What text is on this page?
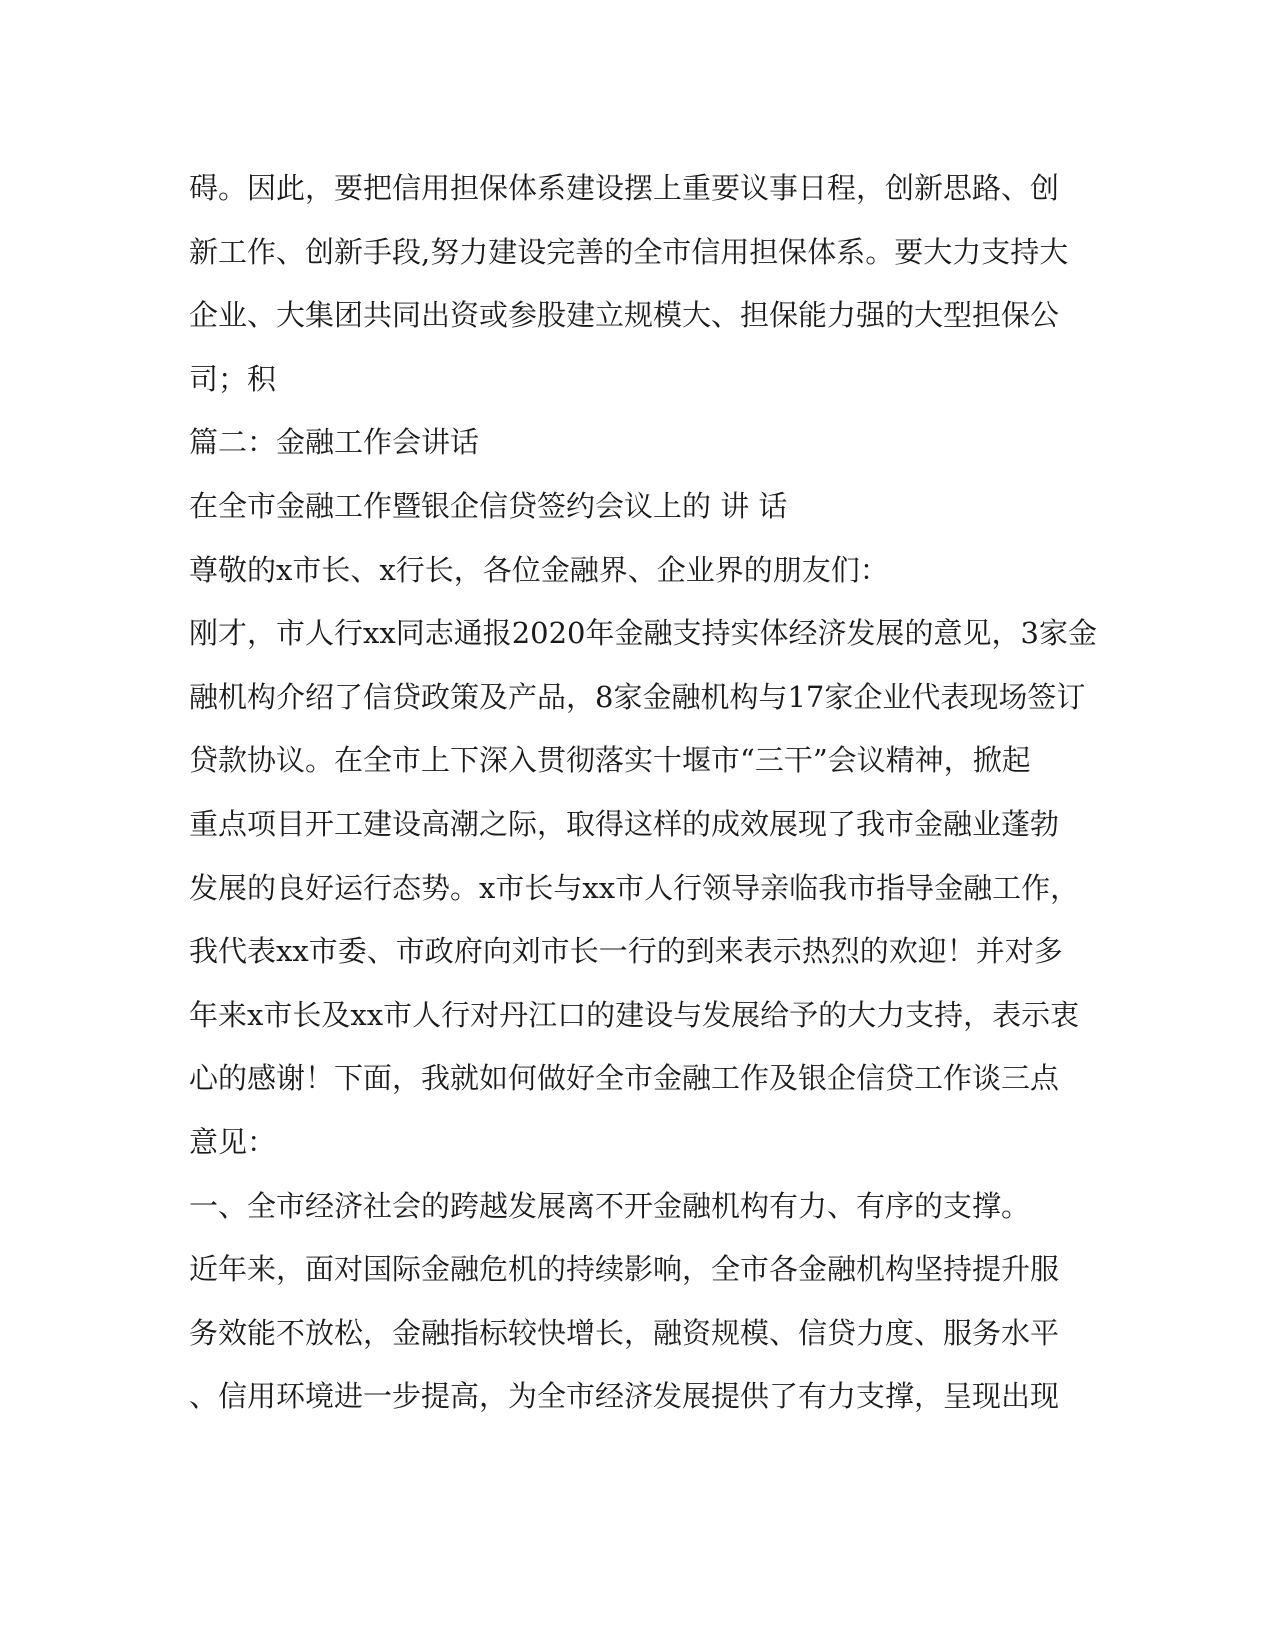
碍。因此，要把信用担保体系建设摆上重要议事日程，创新思路、创
新工作、创新手段,努力建设完善的全市信用担保体系。要大力支持大
企业、大集团共同出资或参股建立规模大、担保能力强的大型担保公
司；积
篇二：金融工作会讲话
在全市金融工作暨银企信贷签约会议上的 讲 话
尊敬的x市长、x行长，各位金融界、企业界的朋友们：
刚才，市人行xx同志通报2020年金融支持实体经济发展的意见，3家金
融机构介绍了信贷政策及产品，8家金融机构与17家企业代表现场签订
贷款协议。在全市上下深入贯彻落实十堰市“三干”会议精神，掀起
重点项目开工建设高潮之际，取得这样的成效展现了我市金融业蓬勃
发展的良好运行态势。x市长与xx市人行领导亲临我市指导金融工作，
我代表xx市委、市政府向刘市长一行的到来表示热烈的欢迎！并对多
年来x市长及xx市人行对丹江口的建设与发展给予的大力支持，表示衷
心的感谢！下面，我就如何做好全市金融工作及银企信贷工作谈三点
意见：
一、全市经济社会的跨越发展离不开金融机构有力、有序的支撑。
近年来，面对国际金融危机的持续影响，全市各金融机构坚持提升服
务效能不放松，金融指标较快增长，融资规模、信贷力度、服务水平
、信用环境进一步提高，为全市经济发展提供了有力支撑，呈现出现
